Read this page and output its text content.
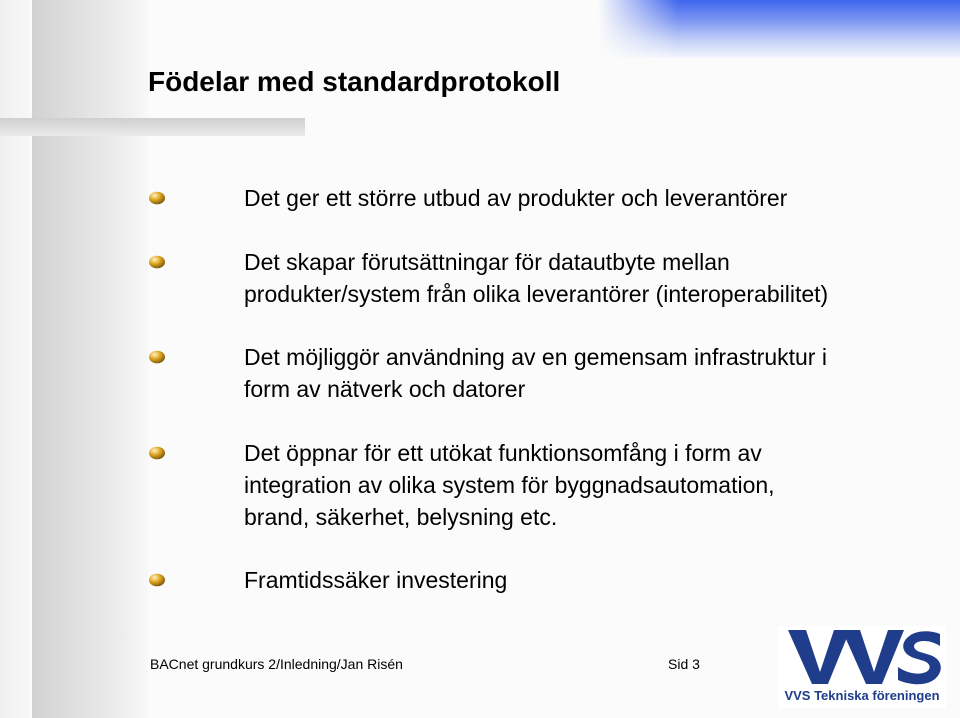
Födelar med standardprotokoll
Det ger ett större utbud av produkter och leverantörer
Det skapar förutsättningar för datautbyte mellan
produkter/system från olika leverantörer (interoperabilitet)
Det möjliggör användning av en gemensam infrastruktur i
form av nätverk och datorer
Det öppnar för ett utökat funktionsomfång i form av
integration av olika system för byggnadsautomation,
brand, säkerhet, belysning etc.
Framtidssäker investering
BACnet grundkurs 2/Inledning/Jan Risén	Sid 3
VVS Tekniska föreningen
